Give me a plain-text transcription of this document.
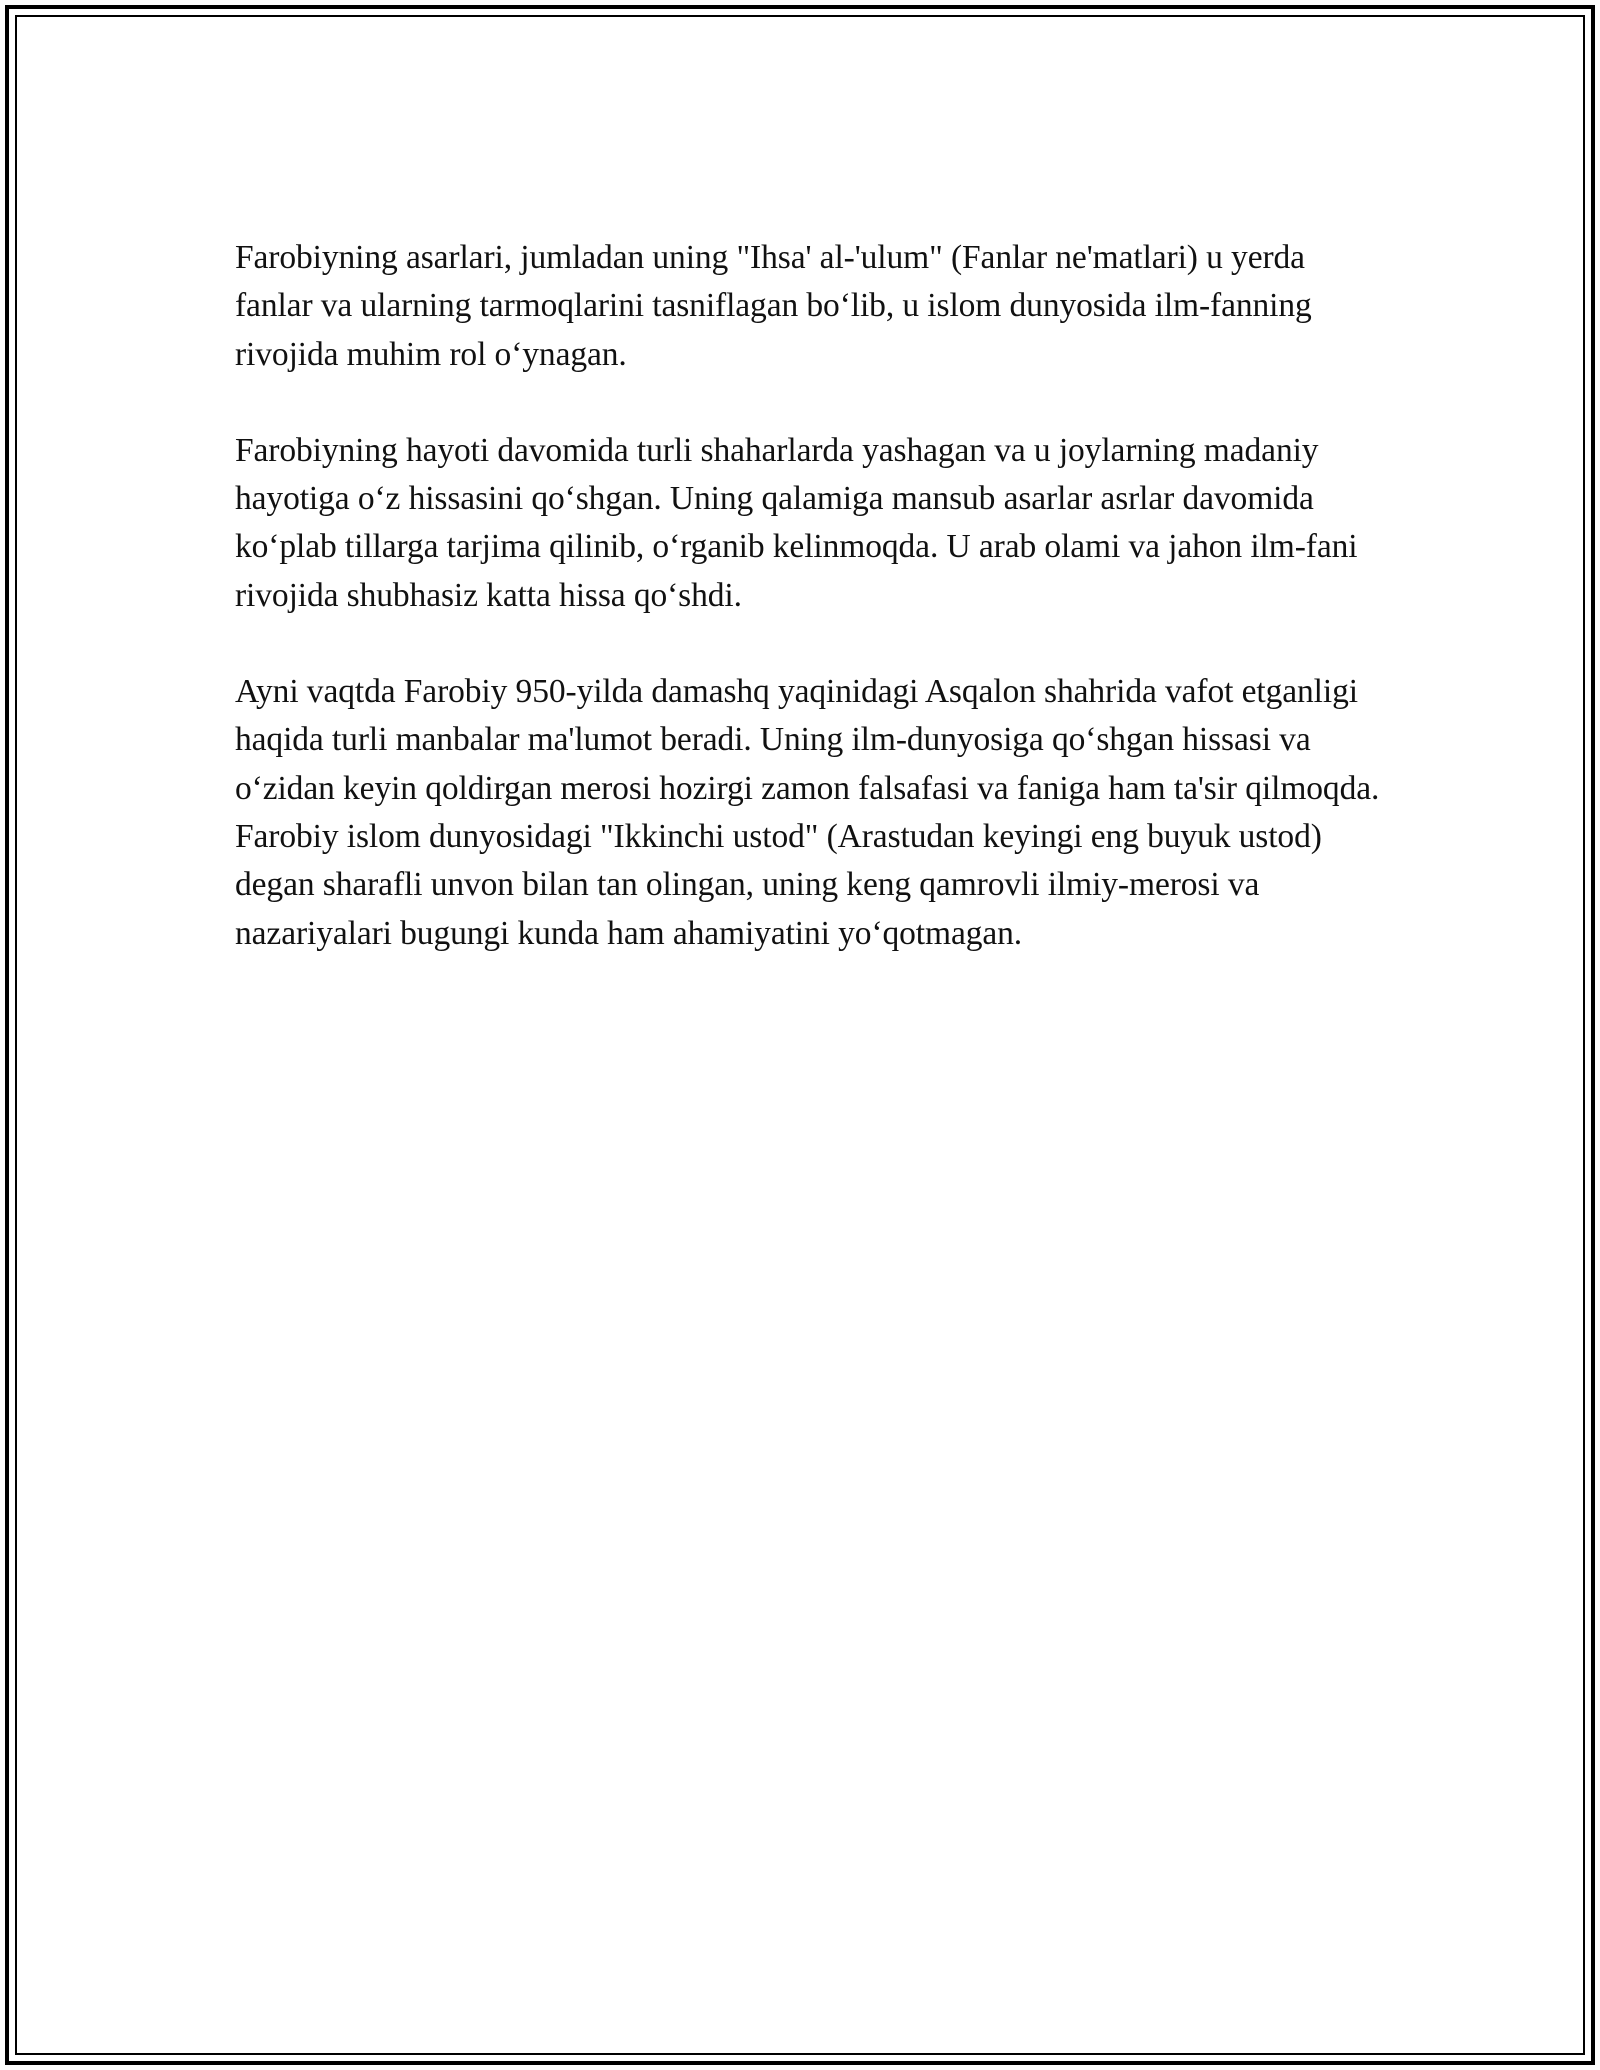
Farobiyning asarlari, jumladan uning "Ihsa' al-'ulum" (Fanlar ne'matlari) u yerda fanlar va ularning tarmoqlarini tasniflagan bo‘lib, u islom dunyosida ilm-fanning rivojida muhim rol o‘ynagan.

Farobiyning hayoti davomida turli shaharlarda yashagan va u joylarning madaniy hayotiga o‘z hissasini qo‘shgan. Uning qalamiga mansub asarlar asrlar davomida ko‘plab tillarga tarjima qilinib, o‘rganib kelinmoqda. U arab olami va jahon ilm-fani rivojida shubhasiz katta hissa qo‘shdi.

Ayni vaqtda Farobiy 950-yilda damashq yaqinidagi Asqalon shahrida vafot etganligi haqida turli manbalar ma'lumot beradi. Uning ilm-dunyosiga qo‘shgan hissasi va o‘zidan keyin qoldirgan merosi hozirgi zamon falsafasi va faniga ham ta'sir qilmoqda. Farobiy islom dunyosidagi "Ikkinchi ustod" (Arastudan keyingi eng buyuk ustod) degan sharafli unvon bilan tan olingan, uning keng qamrovli ilmiy-merosi va nazariyalari bugungi kunda ham ahamiyatini yo‘qotmagan.
